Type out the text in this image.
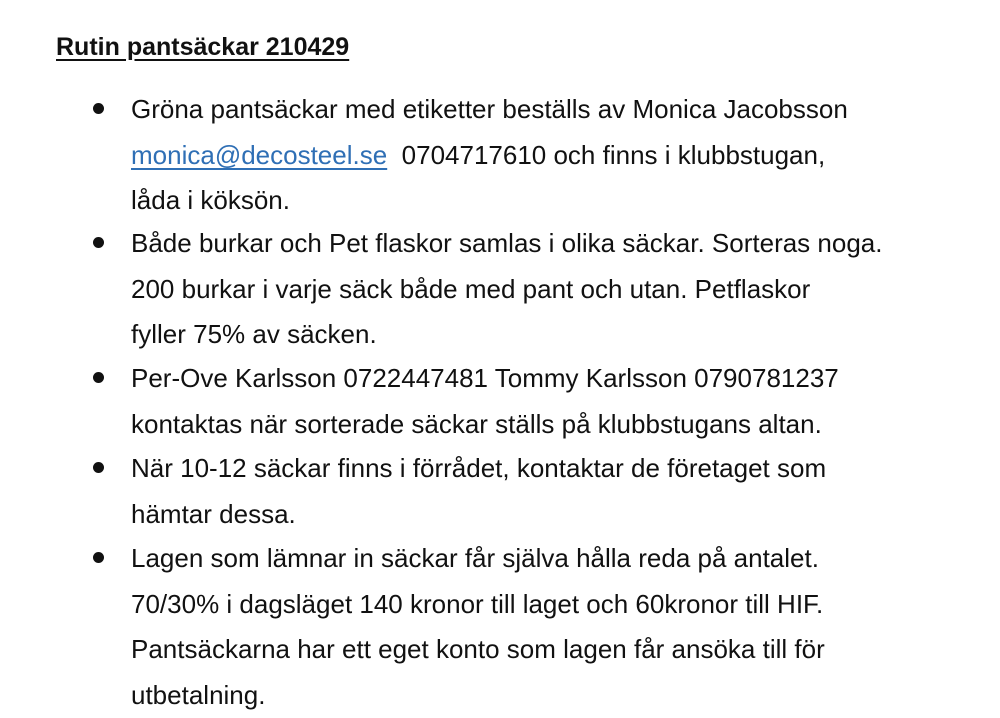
Rutin pantsäckar 210429
Gröna pantsäckar med etiketter beställs av Monica Jacobsson
monica@decosteel.se  0704717610 och finns i klubbstugan,
låda i köksön.
Både burkar och Pet flaskor samlas i olika säckar. Sorteras noga.
200 burkar i varje säck både med pant och utan. Petflaskor
fyller 75% av säcken.
Per-Ove Karlsson 0722447481 Tommy Karlsson 0790781237
kontaktas när sorterade säckar ställs på klubbstugans altan.
När 10-12 säckar finns i förrådet, kontaktar de företaget som
hämtar dessa.
Lagen som lämnar in säckar får själva hålla reda på antalet.
70/30% i dagsläget 140 kronor till laget och 60kronor till HIF.
Pantsäckarna har ett eget konto som lagen får ansöka till för
utbetalning.
